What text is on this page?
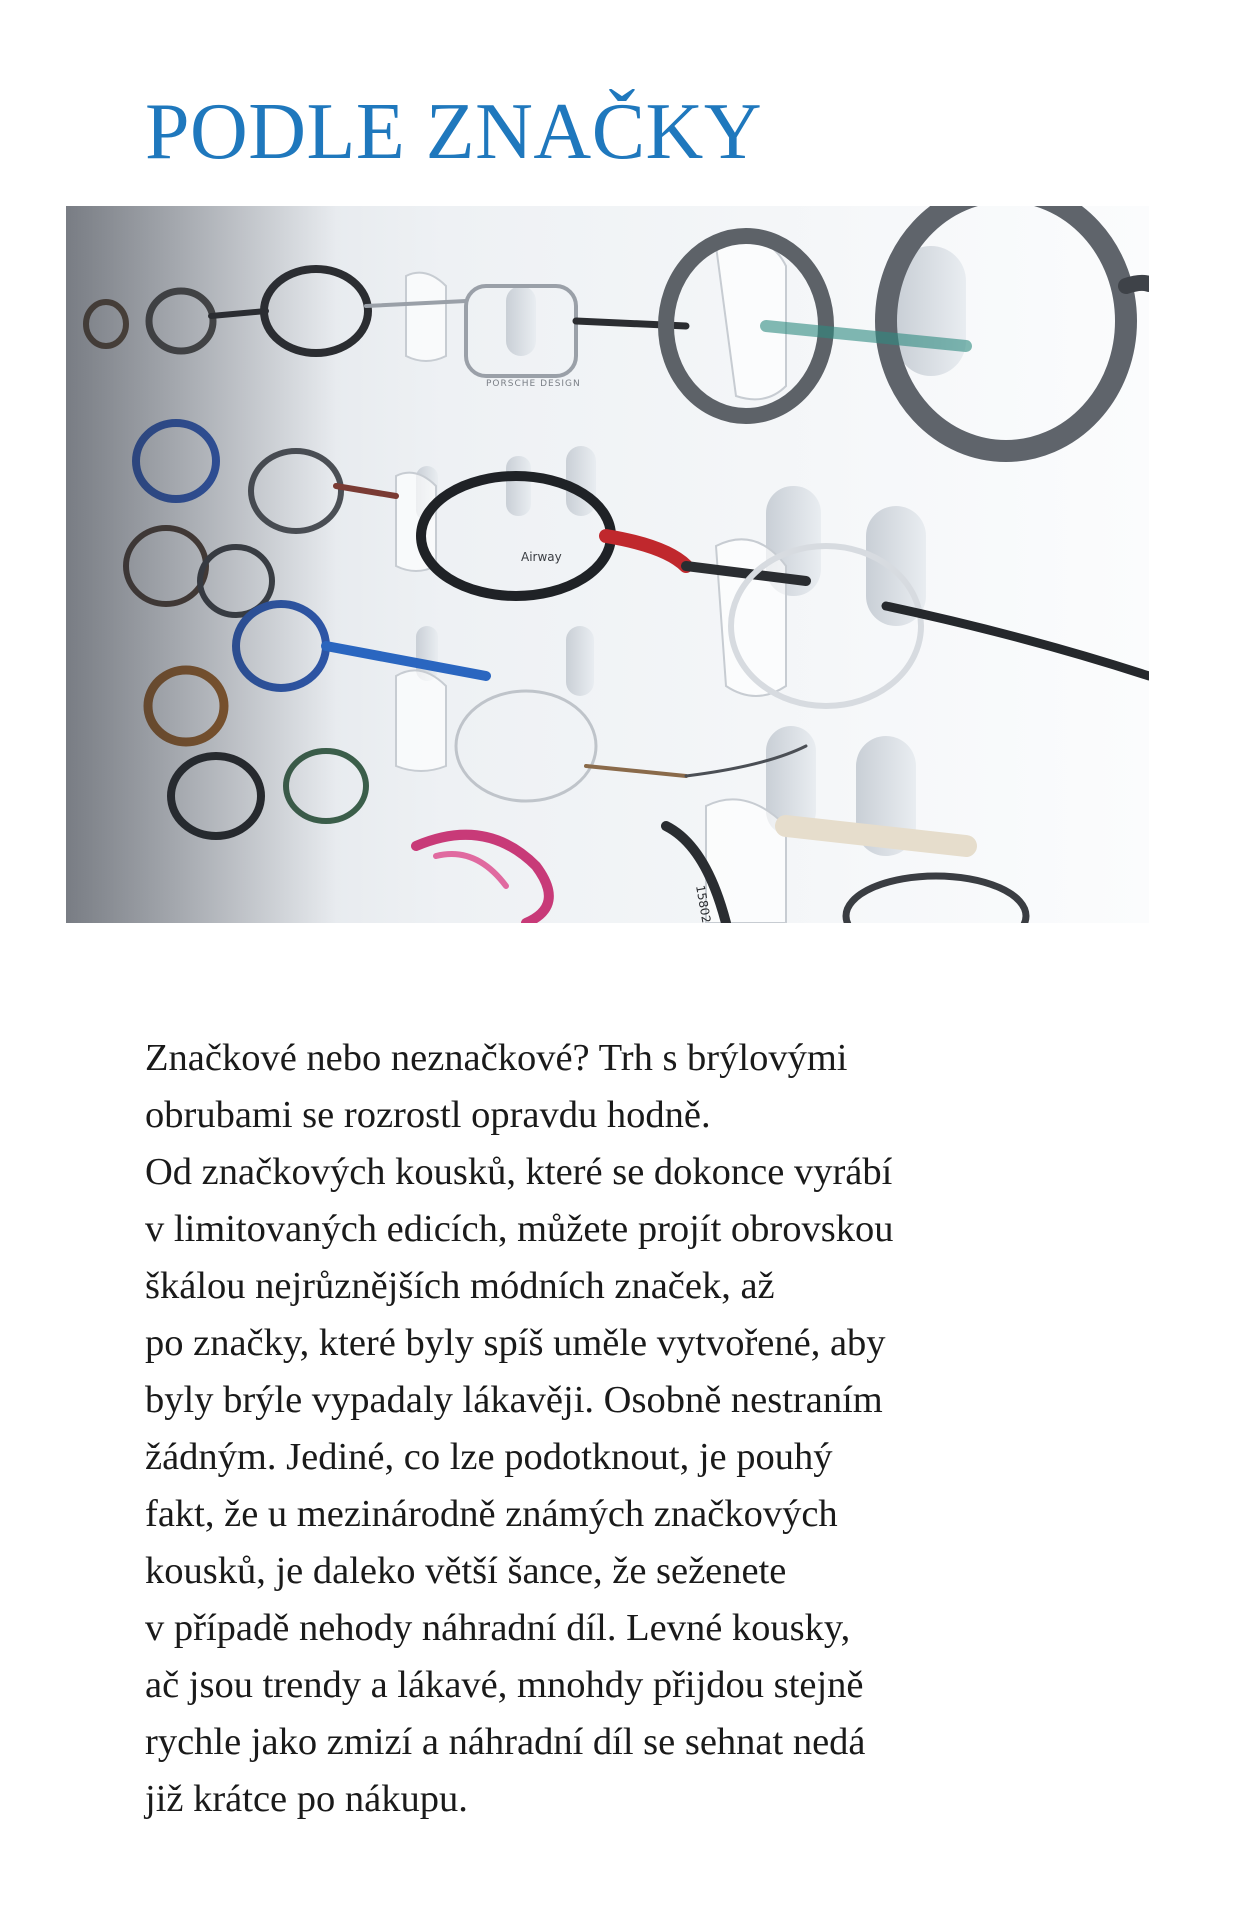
PODLE ZNAČKY

Značkové nebo neznačkové? Trh s brýlovými
obrubami se rozrostl opravdu hodně.
Od značkových kousků, které se dokonce vyrábí
v limitovaných edicích, můžete projít obrovskou
škálou nejrůznějších módních značek, až
po značky, které byly spíš uměle vytvořené, aby
byly brýle vypadaly lákavěji. Osobně nestraním
žádným. Jediné, co lze podotknout, je pouhý
fakt, že u mezinárodně známých značkových
kousků, je daleko větší šance, že seženete
v případě nehody náhradní díl. Levné kousky,
ač jsou trendy a lákavé, mnohdy přijdou stejně
rychle jako zmizí a náhradní díl se sehnat nedá
již krátce po nákupu.
